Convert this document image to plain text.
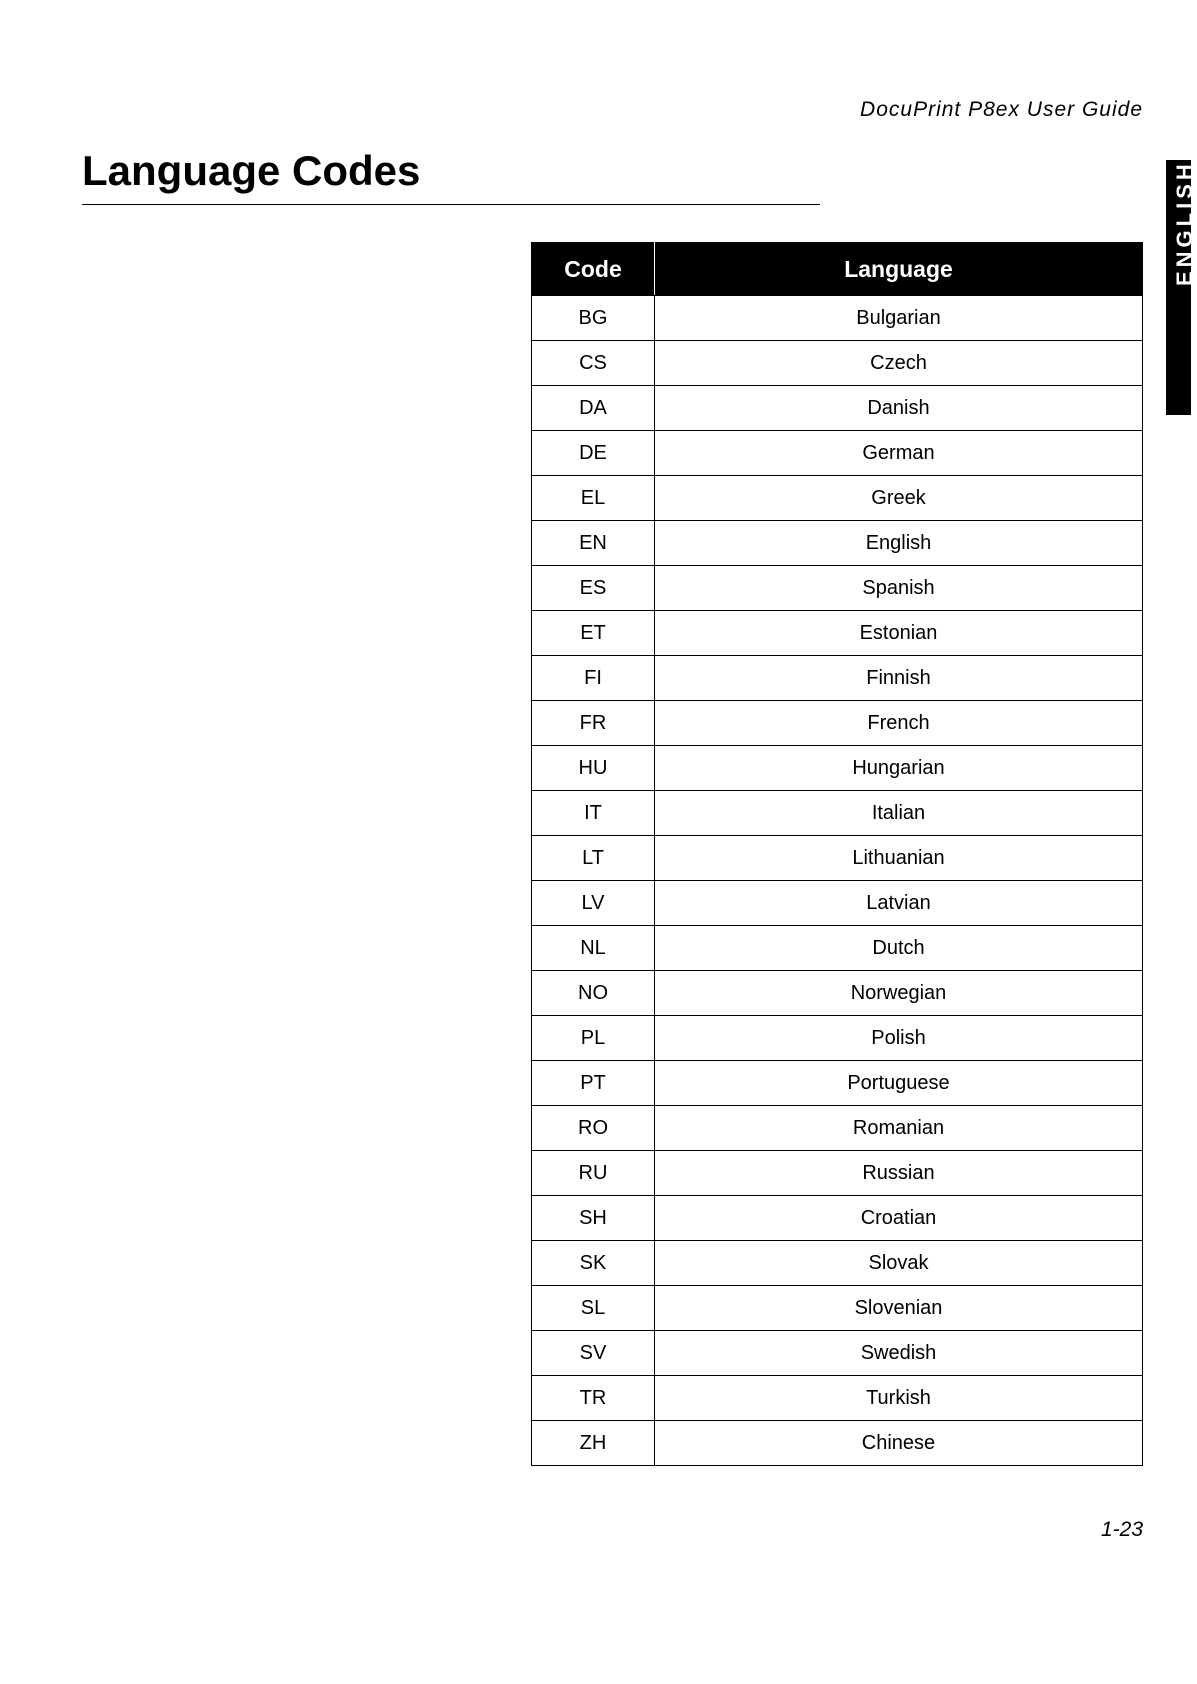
DocuPrint P8ex User Guide
Language Codes	ENGLISH
Code	Language
BG	Bulgarian
CS	Czech
DA	Danish
DE	German
EL	Greek
EN	English
ES	Spanish
ET	Estonian
FI	Finnish
FR	French
HU	Hungarian
IT	Italian
LT	Lithuanian
LV	Latvian
NL	Dutch
NO	Norwegian
PL	Polish
PT	Portuguese
RO	Romanian
RU	Russian
SH	Croatian
SK	Slovak
SL	Slovenian
SV	Swedish
TR	Turkish
ZH	Chinese
1-23
